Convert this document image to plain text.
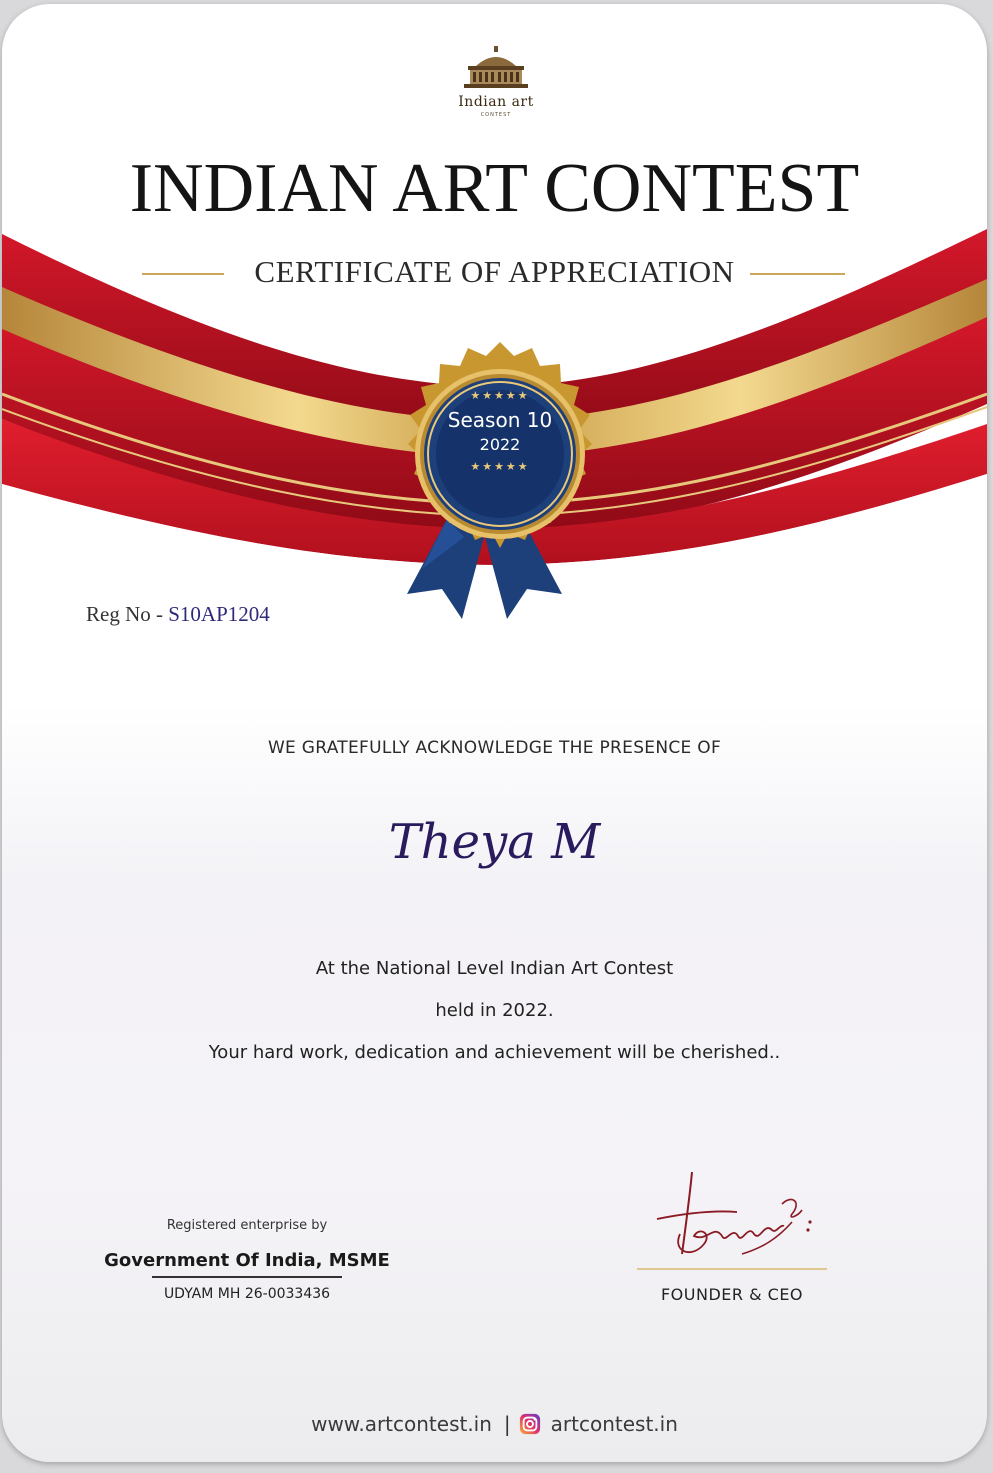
★★★★★
Season 10
2022
★★★★★
Indian art
CONTEST
INDIAN ART CONTEST
CERTIFICATE OF APPRECIATION
Reg No - S10AP1204
WE GRATEFULLY ACKNOWLEDGE THE PRESENCE OF
Theya M
At the National Level Indian Art Contest
held in 2022.
Your hard work, dedication and achievement will be cherished..
Registered enterprise by
Government Of India, MSME
UDYAM MH 26-0033436	FOUNDER & CEO
www.artcontest.in | artcontest.in
